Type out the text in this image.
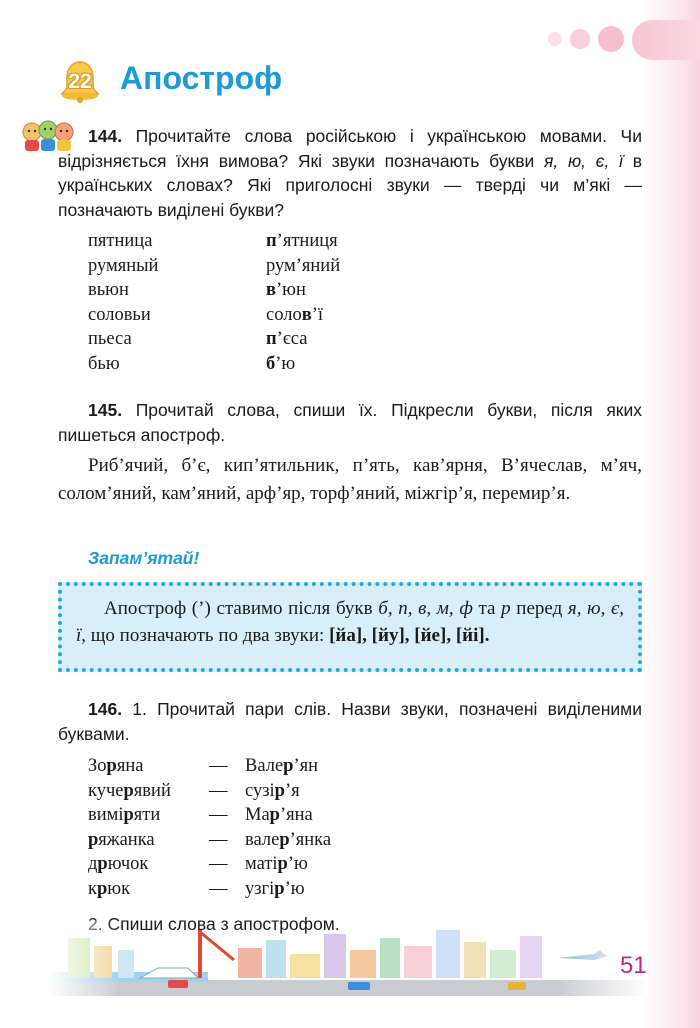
22 Апостроф
144. Прочитайте слова російською і українською мовами. Чи відрізняється їхня вимова? Які звуки позначають букви я, ю, є, ї в українських словах? Які приголосні звуки — тверді чи м’які — позначають виділені букви?
пятница
румяный
вьюн
соловьи
пьеса
бью
п’ятниця
рум’яний
в’юн
солов’ї
п’єса
б’ю
145. Прочитай слова, спиши їх. Підкресли букви, після яких пишеться апостроф.
Риб’ячий, б’є, кип’ятильник, п’ять, кав’ярня, В’ячеслав, м’яч, солом’яний, кам’яний, арф’яр, торф’яний, міжгір’я, перемир’я.
Запам’ятай!
Апостроф (’) ставимо після букв б, п, в, м, ф та р перед я, ю, є, ї, що позначають по два звуки: [йа], [йу], [йе], [йі].
146. 1. Прочитай пари слів. Назви звуки, позначені виділеними буквами.
Зоряна
кучерявий
виміряти
ряжанка
дрючок
крюк
—
—
—
—
—
—
Валер’ян
сузір’я
Мар’яна
валер’янка
матір’ю
узгір’ю
51
